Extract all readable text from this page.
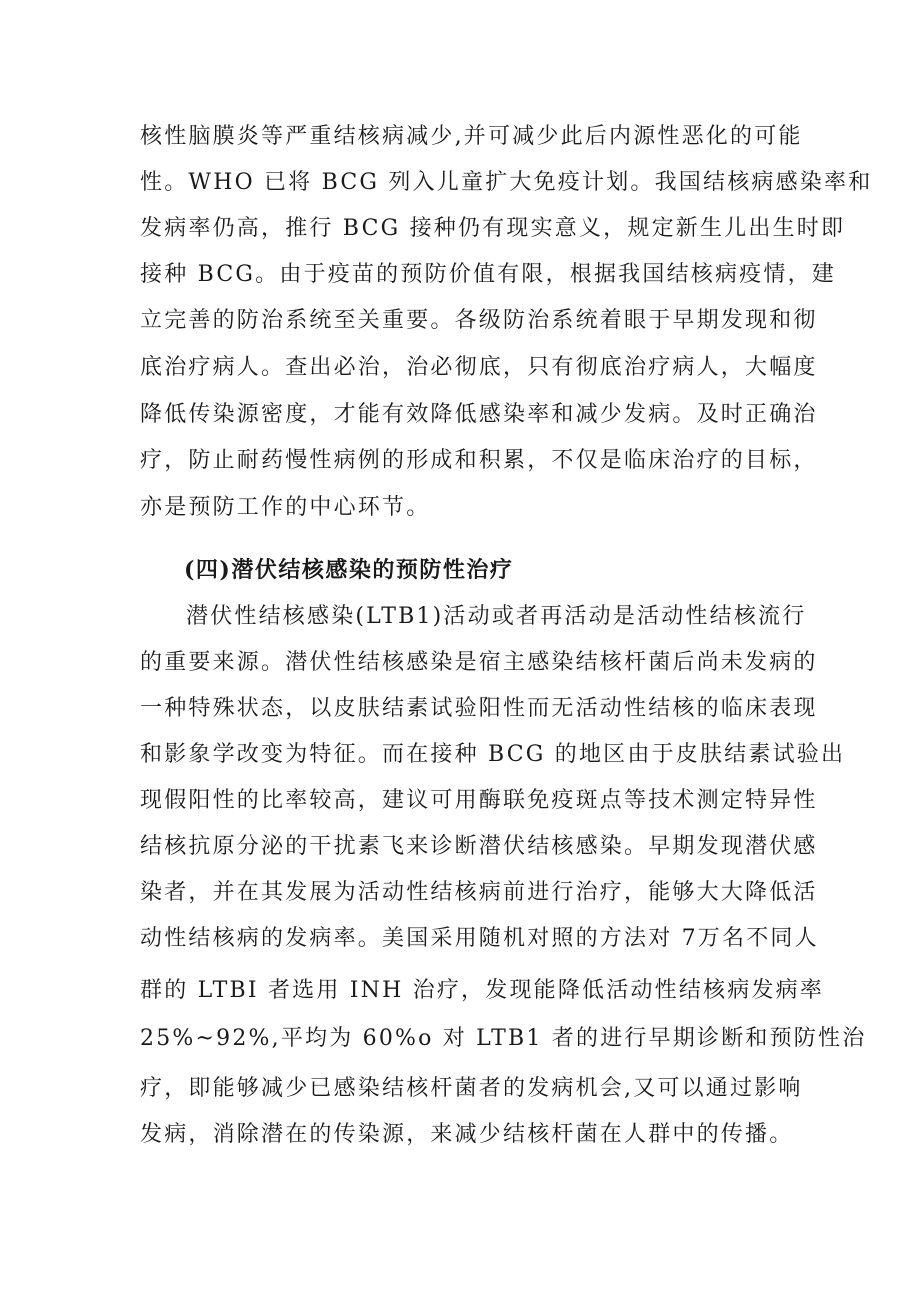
核性脑膜炎等严重结核病减少,并可减少此后内源性恶化的可能
性。WHO 已将 BCG 列入儿童扩大免疫计划。我国结核病感染率和
发病率仍高，推行 BCG 接种仍有现实意义，规定新生儿出生时即
接种 BCG。由于疫苗的预防价值有限，根据我国结核病疫情，建
立完善的防治系统至关重要。各级防治系统着眼于早期发现和彻
底治疗病人。查出必治，治必彻底，只有彻底治疗病人，大幅度
降低传染源密度，才能有效降低感染率和减少发病。及时正确治
疗，防止耐药慢性病例的形成和积累，不仅是临床治疗的目标，
亦是预防工作的中心环节。
(四)潜伏结核感染的预防性治疗
潜伏性结核感染(LTB1)活动或者再活动是活动性结核流行
的重要来源。潜伏性结核感染是宿主感染结核杆菌后尚未发病的
一种特殊状态，以皮肤结素试验阳性而无活动性结核的临床表现
和影象学改变为特征。而在接种 BCG 的地区由于皮肤结素试验出
现假阳性的比率较高，建议可用酶联免疫斑点等技术测定特异性
结核抗原分泌的干扰素飞来诊断潜伏结核感染。早期发现潜伏感
染者，并在其发展为活动性结核病前进行治疗，能够大大降低活
动性结核病的发病率。美国采用随机对照的方法对 7万名不同人
群的 LTBI 者选用 INH 治疗，发现能降低活动性结核病发病率
25%~92%,平均为 60%o 对 LTB1 者的进行早期诊断和预防性治
疗，即能够减少已感染结核杆菌者的发病机会,又可以通过影响
发病，消除潜在的传染源，来减少结核杆菌在人群中的传播。
